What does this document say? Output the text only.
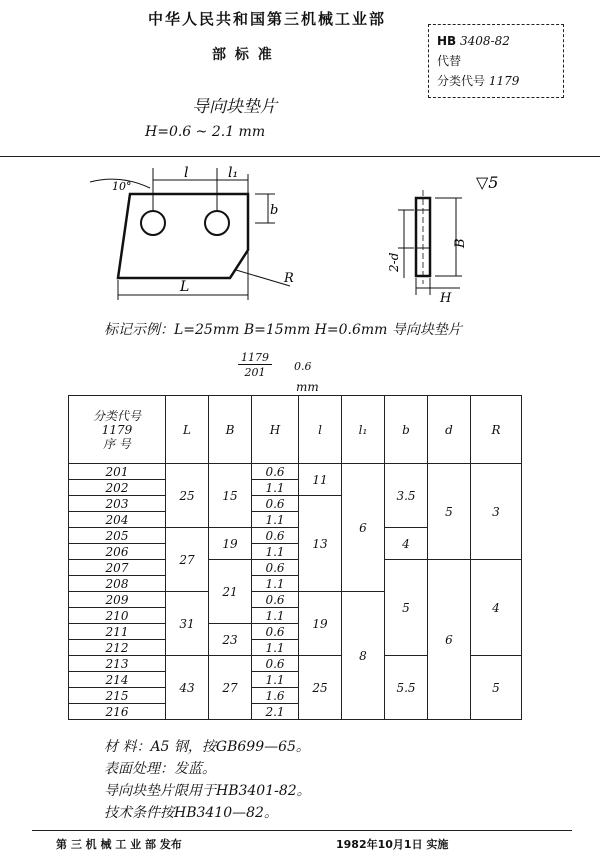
中华人民共和国第三机械工业部
部 标 准
HB 3408-82
代替
分类代号 1179
导向块垫片
H=0.6 ~ 2.1 mm
10°
l	l₁
b
L
R
2-d
B
H
▽5
标记示例：L=25mm B=15mm H=0.6mm 导向块垫片
1179
201	0.6
mm
分类代号
1179
序 号	L	B	H	l	l₁	b	d	R
201	25	15	0.6	11	6	3.5	5	3
202			1.1					
203			0.6	13				
204			1.1					
205	27	19	0.6			4		
206			1.1					
207		21	0.6			5	6	4
208			1.1					
209	31		0.6	19	8			
210			1.1					
211		23	0.6					
212			1.1					
213	43	27	0.6	25		5.5		5
214			1.1					
215			1.6					
216			2.1					
材 料：A5 钢，按GB699—65。
表面处理：发蓝。
导向块垫片限用于HB3401-82。
技术条件按HB3410—82。
第 三 机 械 工 业 部 发布	1982年10月1日 实施
